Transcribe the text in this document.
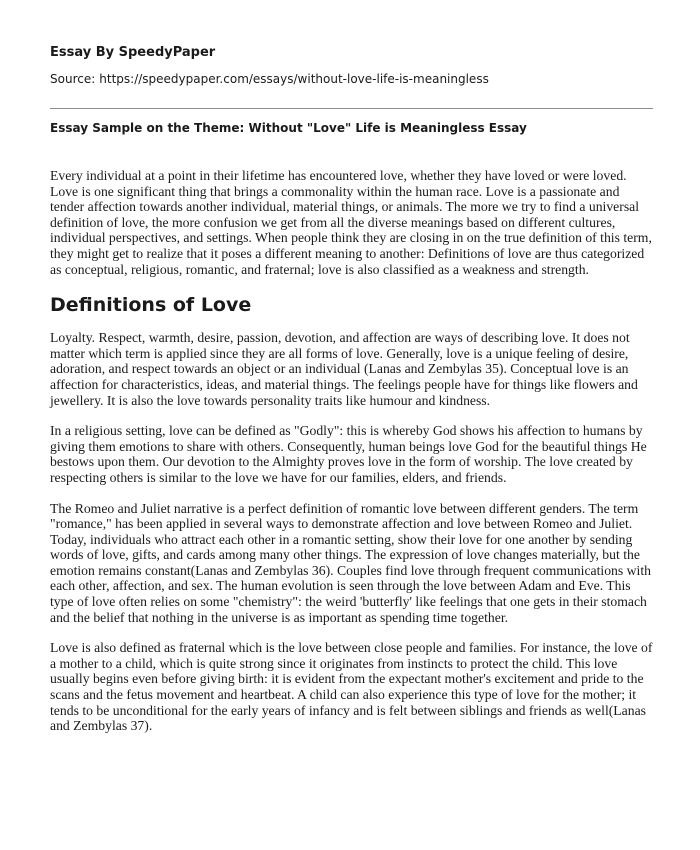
Essay By SpeedyPaper

Source: https://speedypaper.com/essays/without-love-life-is-meaningless

Essay Sample on the Theme: Without "Love" Life is Meaningless Essay

Every individual at a point in their lifetime has encountered love, whether they have loved or were loved. Love is one significant thing that brings a commonality within the human race. Love is a passionate and tender affection towards another individual, material things, or animals. The more we try to find a universal definition of love, the more confusion we get from all the diverse meanings based on different cultures, individual perspectives, and settings. When people think they are closing in on the true definition of this term, they might get to realize that it poses a different meaning to another: Definitions of love are thus categorized as conceptual, religious, romantic, and fraternal; love is also classified as a weakness and strength.

Definitions of Love

Loyalty. Respect, warmth, desire, passion, devotion, and affection are ways of describing love. It does not matter which term is applied since they are all forms of love. Generally, love is a unique feeling of desire, adoration, and respect towards an object or an individual (Lanas and Zembylas 35). Conceptual love is an affection for characteristics, ideas, and material things. The feelings people have for things like flowers and jewellery. It is also the love towards personality traits like humour and kindness.

In a religious setting, love can be defined as "Godly": this is whereby God shows his affection to humans by giving them emotions to share with others. Consequently, human beings love God for the beautiful things He bestows upon them. Our devotion to the Almighty proves love in the form of worship. The love created by respecting others is similar to the love we have for our families, elders, and friends.

The Romeo and Juliet narrative is a perfect definition of romantic love between different genders. The term "romance," has been applied in several ways to demonstrate affection and love between Romeo and Juliet. Today, individuals who attract each other in a romantic setting, show their love for one another by sending words of love, gifts, and cards among many other things. The expression of love changes materially, but the emotion remains constant(Lanas and Zembylas 36). Couples find love through frequent communications with each other, affection, and sex. The human evolution is seen through the love between Adam and Eve. This type of love often relies on some "chemistry": the weird 'butterfly' like feelings that one gets in their stomach and the belief that nothing in the universe is as important as spending time together.

Love is also defined as fraternal which is the love between close people and families. For instance, the love of a mother to a child, which is quite strong since it originates from instincts to protect the child. This love usually begins even before giving birth: it is evident from the expectant mother's excitement and pride to the scans and the fetus movement and heartbeat. A child can also experience this type of love for the mother; it tends to be unconditional for the early years of infancy and is felt between siblings and friends as well(Lanas and Zembylas 37).
